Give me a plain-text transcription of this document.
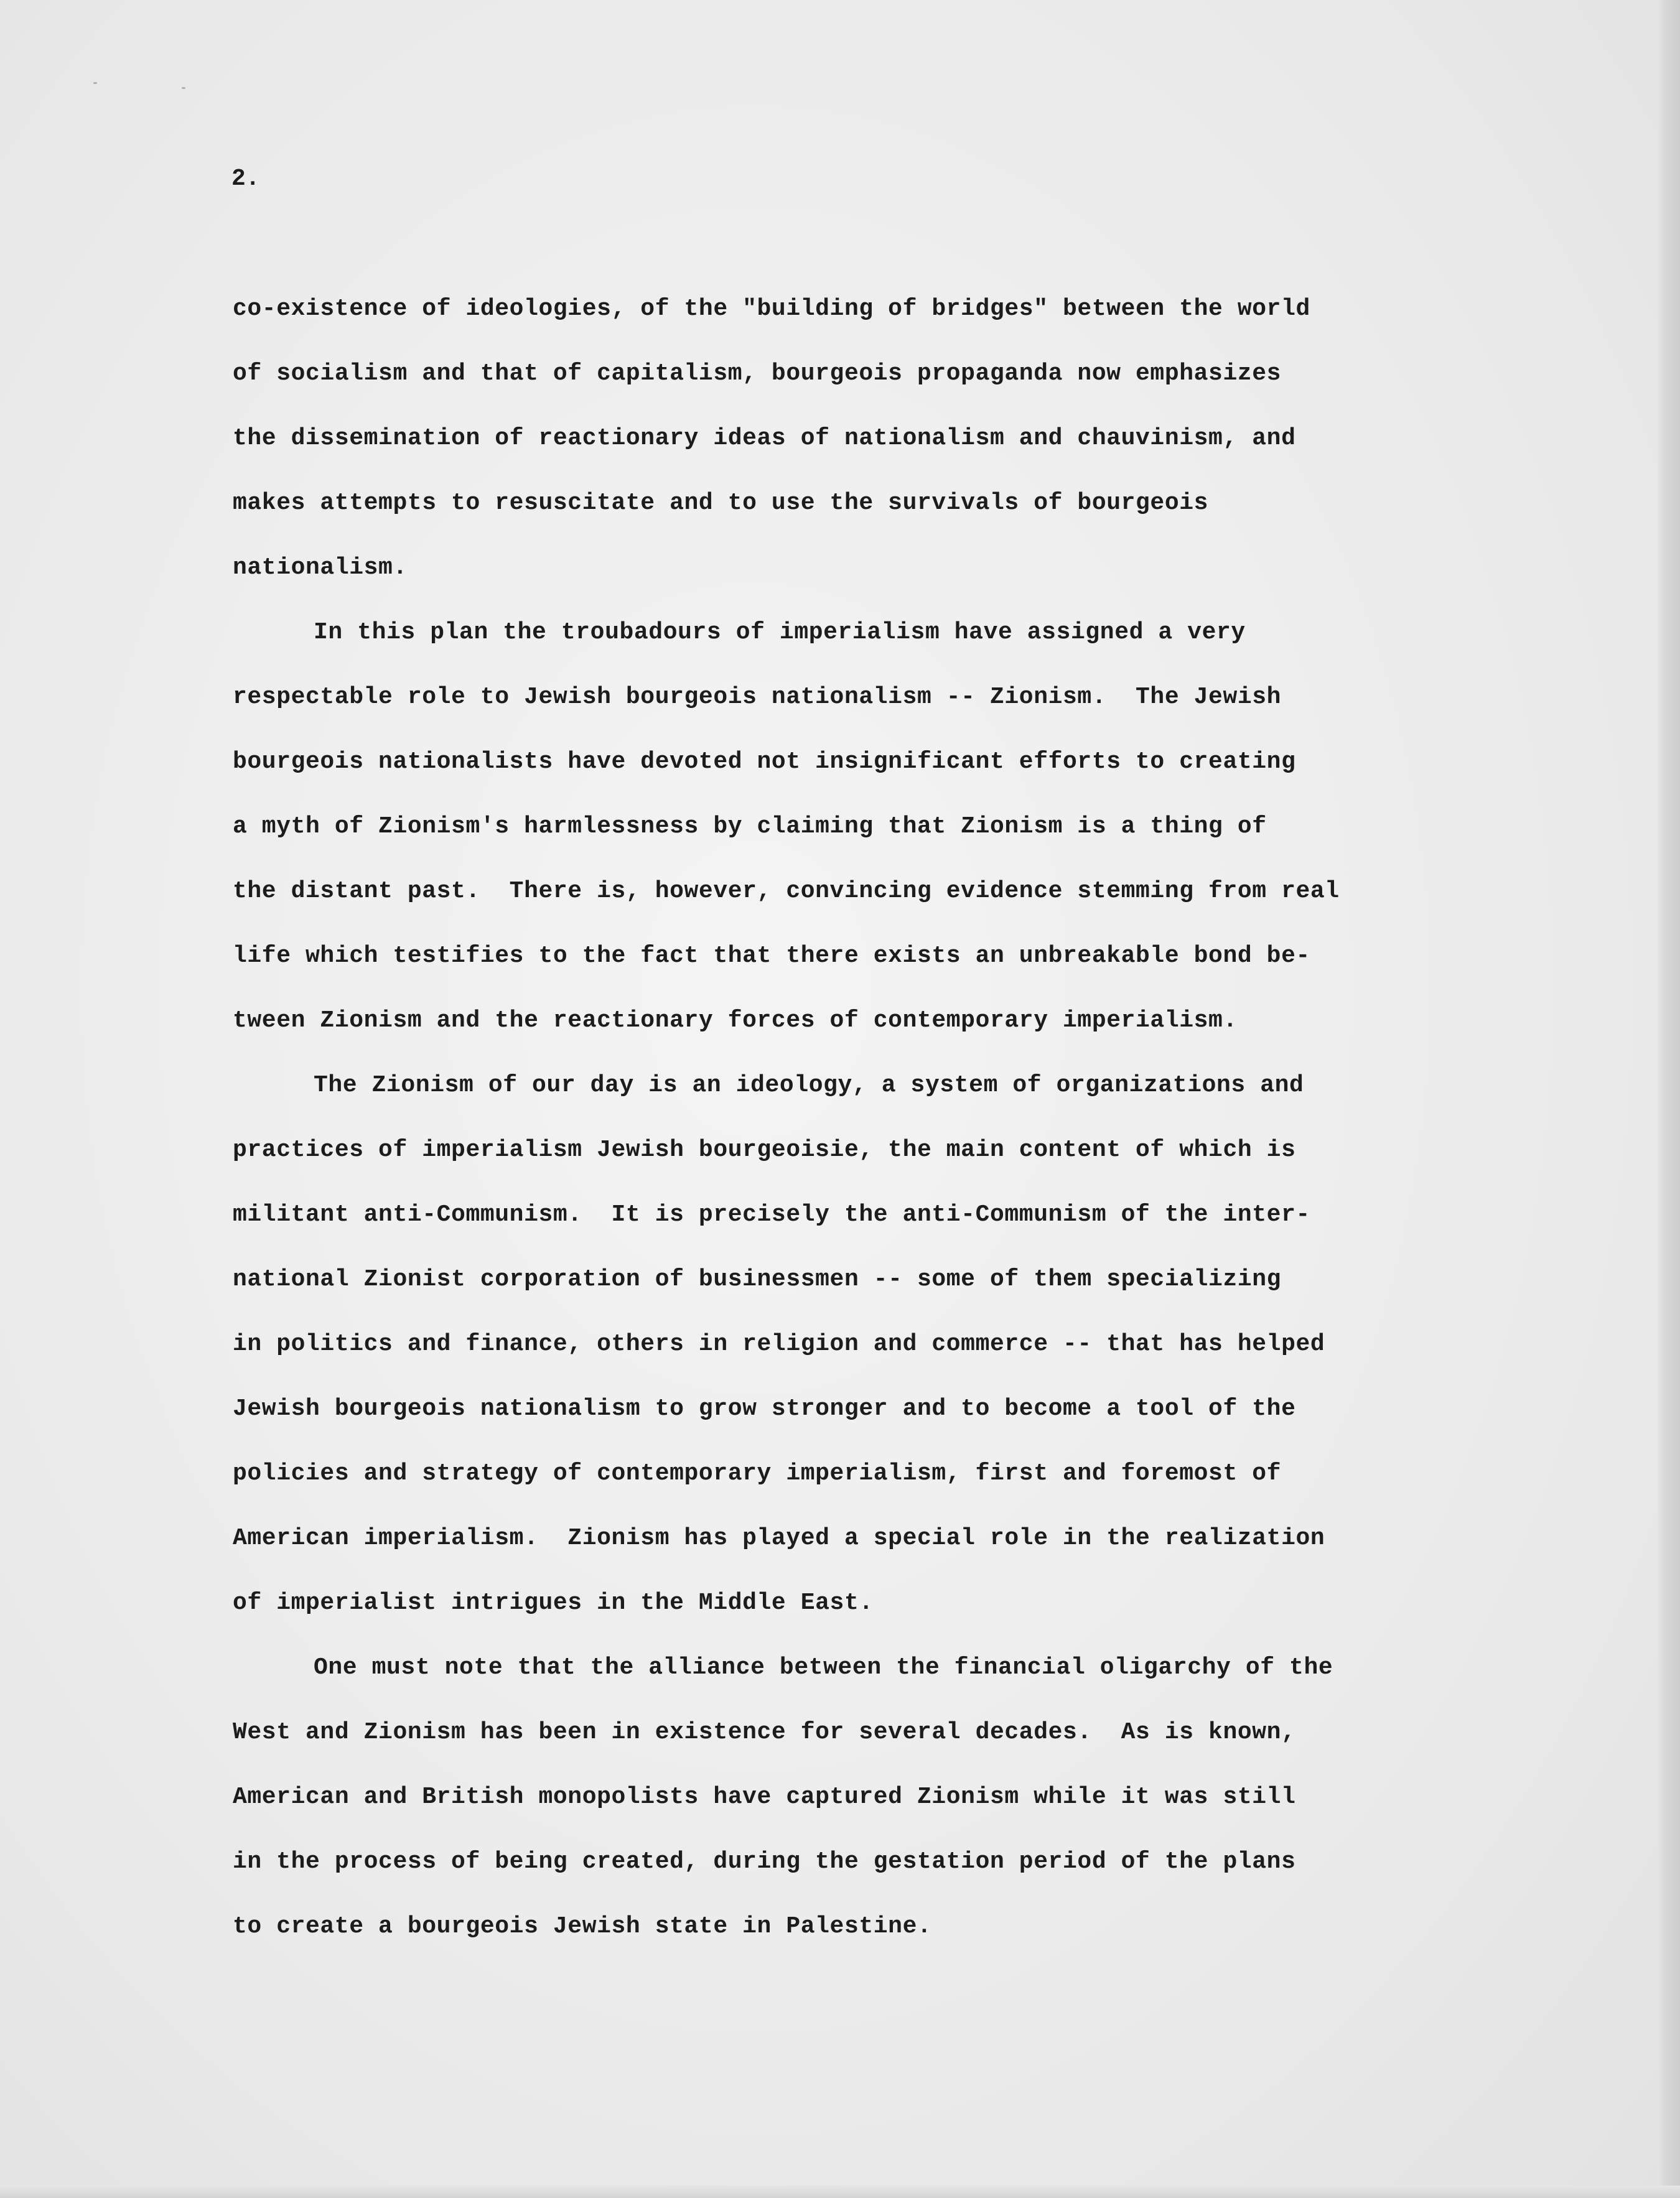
2.

co-existence of ideologies, of the "building of bridges" between the world
of socialism and that of capitalism, bourgeois propaganda now emphasizes
the dissemination of reactionary ideas of nationalism and chauvinism, and
makes attempts to resuscitate and to use the survivals of bourgeois
nationalism.
In this plan the troubadours of imperialism have assigned a very
respectable role to Jewish bourgeois nationalism -- Zionism.  The Jewish
bourgeois nationalists have devoted not insignificant efforts to creating
a myth of Zionism's harmlessness by claiming that Zionism is a thing of
the distant past.  There is, however, convincing evidence stemming from real
life which testifies to the fact that there exists an unbreakable bond be-
tween Zionism and the reactionary forces of contemporary imperialism.
The Zionism of our day is an ideology, a system of organizations and
practices of imperialism Jewish bourgeoisie, the main content of which is
militant anti-Communism.  It is precisely the anti-Communism of the inter-
national Zionist corporation of businessmen -- some of them specializing
in politics and finance, others in religion and commerce -- that has helped
Jewish bourgeois nationalism to grow stronger and to become a tool of the
policies and strategy of contemporary imperialism, first and foremost of
American imperialism.  Zionism has played a special role in the realization
of imperialist intrigues in the Middle East.
One must note that the alliance between the financial oligarchy of the
West and Zionism has been in existence for several decades.  As is known,
American and British monopolists have captured Zionism while it was still
in the process of being created, during the gestation period of the plans
to create a bourgeois Jewish state in Palestine.
